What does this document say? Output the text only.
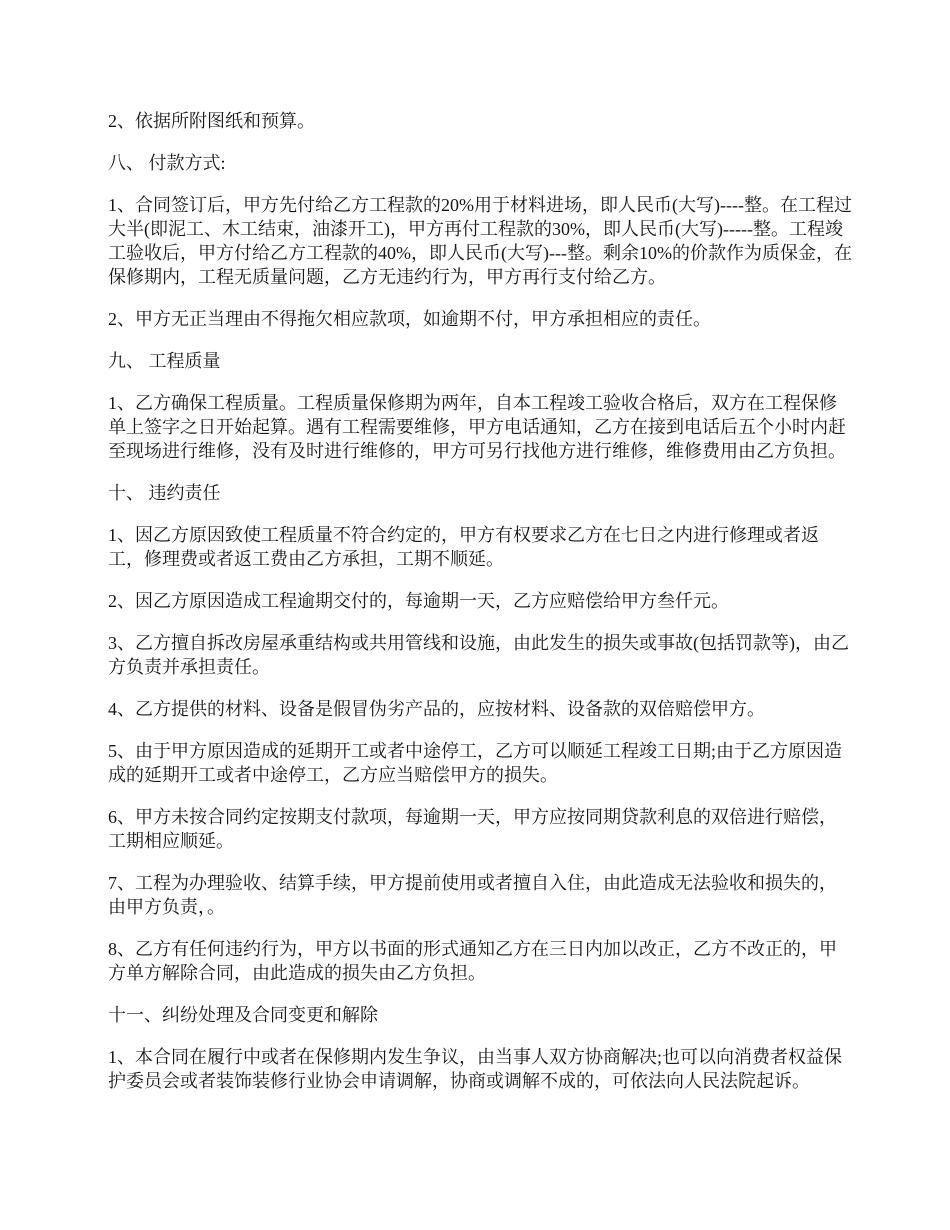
2、依据所附图纸和预算。

八、 付款方式:

1、合同签订后，甲方先付给乙方工程款的20%用于材料进场，即人民币(大写)----整。在工程过大半(即泥工、木工结束，油漆开工)，甲方再付工程款的30%，即人民币(大写)-----整。工程竣工验收后，甲方付给乙方工程款的40%，即人民币(大写)---整。剩余10%的价款作为质保金，在保修期内，工程无质量问题，乙方无违约行为，甲方再行支付给乙方。

2、甲方无正当理由不得拖欠相应款项，如逾期不付，甲方承担相应的责任。

九、 工程质量

1、乙方确保工程质量。工程质量保修期为两年，自本工程竣工验收合格后，双方在工程保修单上签字之日开始起算。遇有工程需要维修，甲方电话通知，乙方在接到电话后五个小时内赶至现场进行维修，没有及时进行维修的，甲方可另行找他方进行维修，维修费用由乙方负担。

十、 违约责任

1、因乙方原因致使工程质量不符合约定的，甲方有权要求乙方在七日之内进行修理或者返工，修理费或者返工费由乙方承担，工期不顺延。

2、因乙方原因造成工程逾期交付的，每逾期一天，乙方应赔偿给甲方叁仟元。

3、乙方擅自拆改房屋承重结构或共用管线和设施，由此发生的损失或事故(包括罚款等)，由乙方负责并承担责任。

4、乙方提供的材料、设备是假冒伪劣产品的，应按材料、设备款的双倍赔偿甲方。

5、由于甲方原因造成的延期开工或者中途停工，乙方可以顺延工程竣工日期;由于乙方原因造成的延期开工或者中途停工，乙方应当赔偿甲方的损失。

6、甲方未按合同约定按期支付款项，每逾期一天，甲方应按同期贷款利息的双倍进行赔偿，工期相应顺延。

7、工程为办理验收、结算手续，甲方提前使用或者擅自入住，由此造成无法验收和损失的，由甲方负责，。

8、乙方有任何违约行为，甲方以书面的形式通知乙方在三日内加以改正，乙方不改正的，甲方单方解除合同，由此造成的损失由乙方负担。

十一、纠纷处理及合同变更和解除

1、本合同在履行中或者在保修期内发生争议，由当事人双方协商解决;也可以向消费者权益保护委员会或者装饰装修行业协会申请调解，协商或调解不成的，可依法向人民法院起诉。
